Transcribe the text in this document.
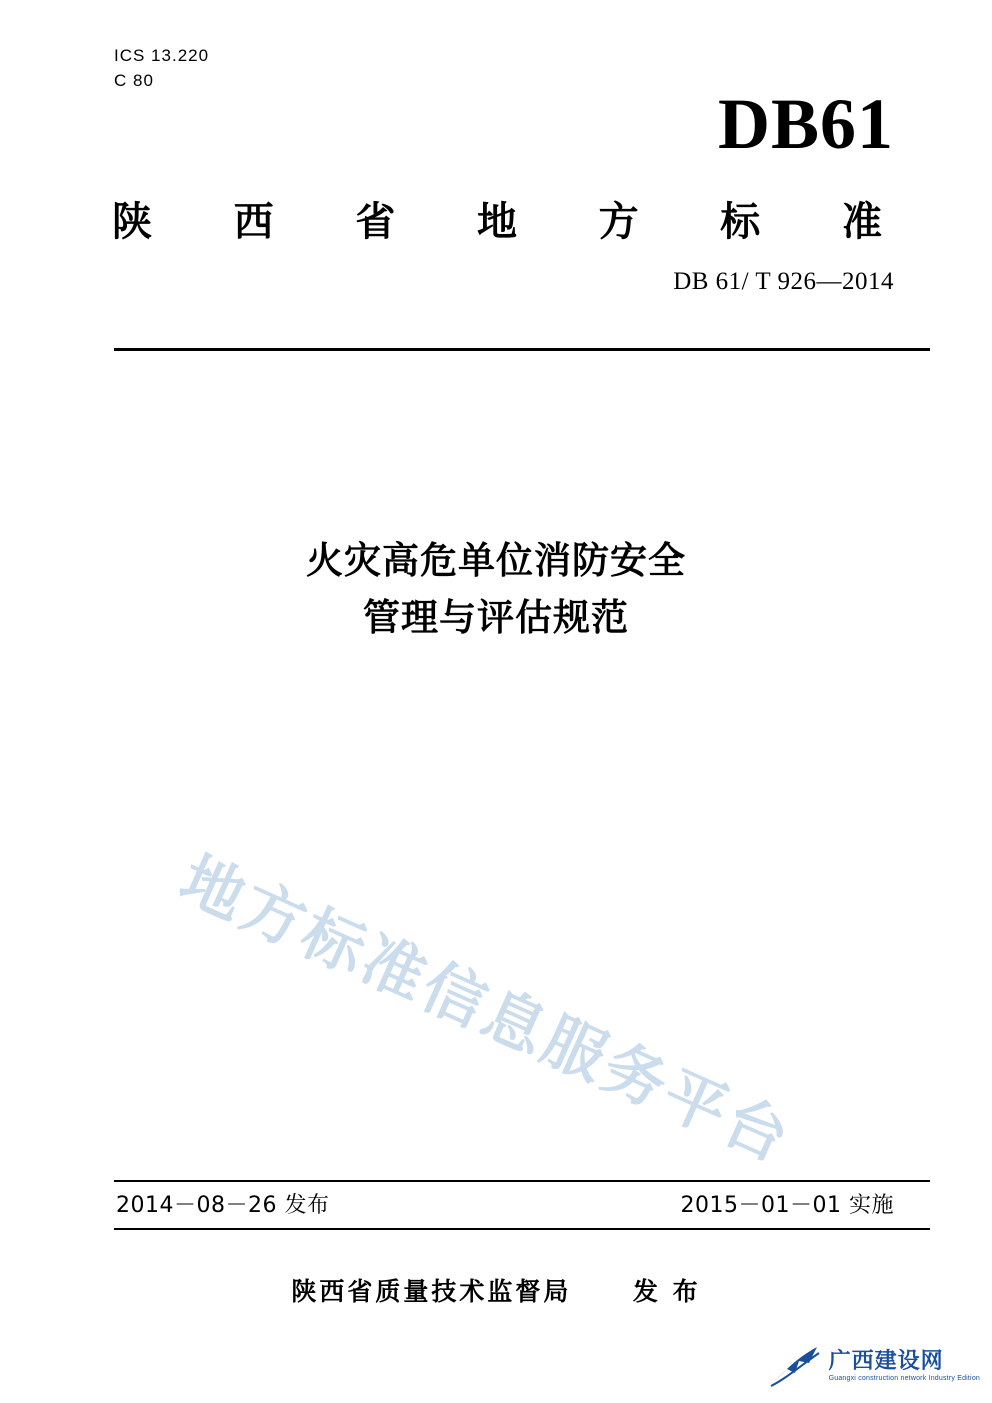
ICS 13.220
C 80
DB61
陕 西 省 地 方 标 准
DB 61/ T 926—2014
火灾高危单位消防安全
管理与评估规范
地方标准信息服务平台
2014－08－26 发布	2015－01－01 实施
陕西省质量技术监督局 发 布
广西建设网
Guangxi construction network Industry Edition
